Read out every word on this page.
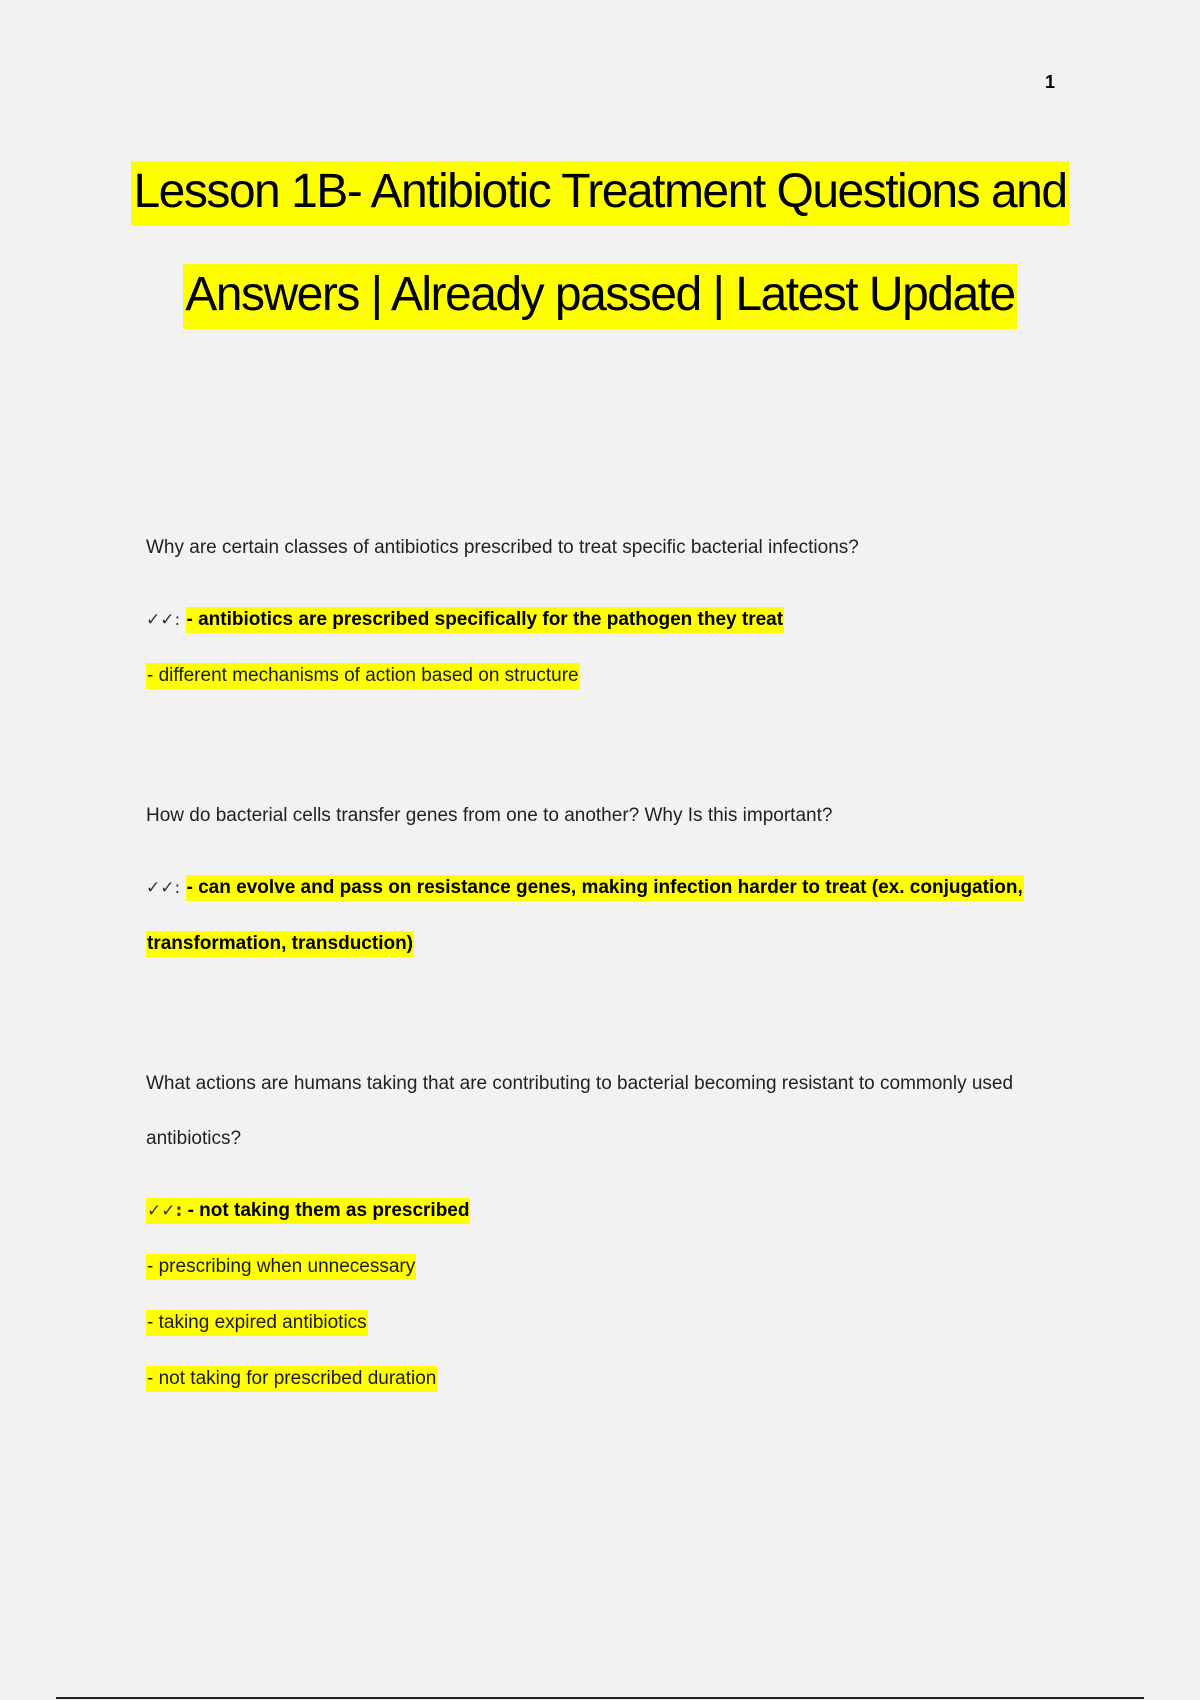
1
Lesson 1B- Antibiotic Treatment Questions and Answers | Already passed | Latest Update

Why are certain classes of antibiotics prescribed to treat specific bacterial infections?

✓✓: - antibiotics are prescribed specifically for the pathogen they treat

- different mechanisms of action based on structure

How do bacterial cells transfer genes from one to another? Why Is this important?

✓✓: - can evolve and pass on resistance genes, making infection harder to treat (ex. conjugation, transformation, transduction)

What actions are humans taking that are contributing to bacterial becoming resistant to commonly used antibiotics?

✓✓: - not taking them as prescribed

- prescribing when unnecessary

- taking expired antibiotics

- not taking for prescribed duration
